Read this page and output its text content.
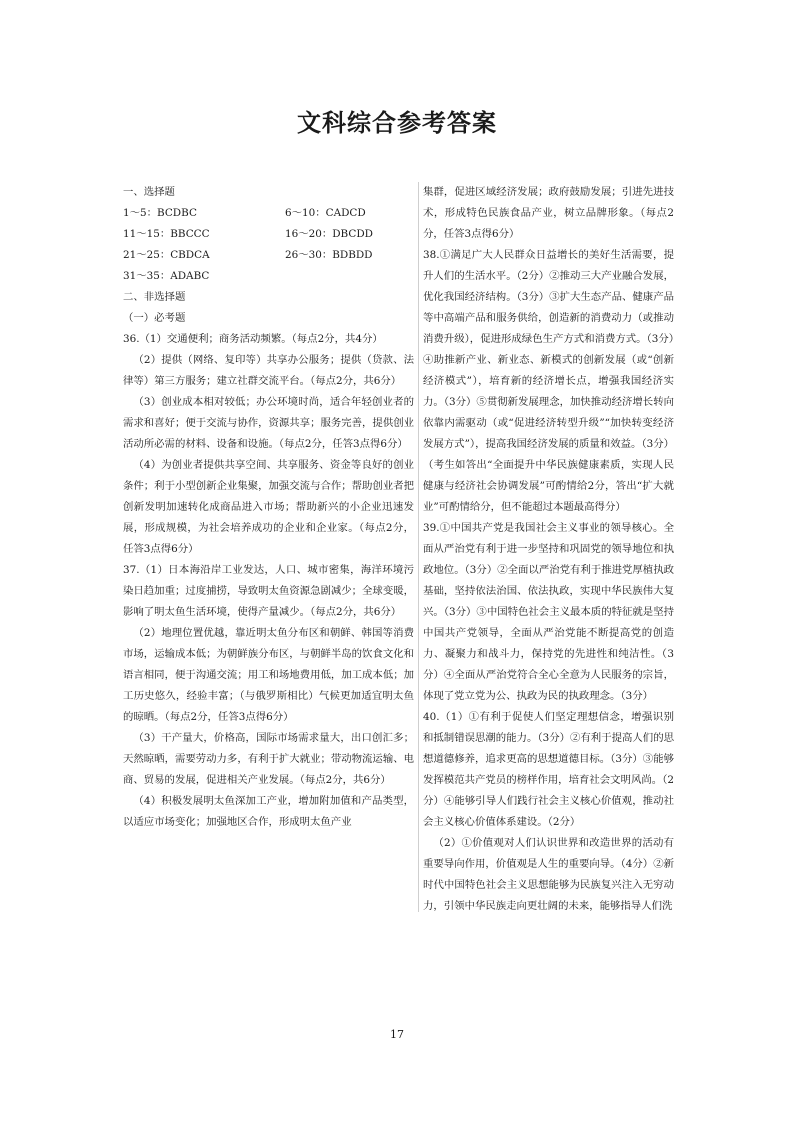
文科综合参考答案

一、选择题

1～5：BCDBC	6～10：CADCD
11～15：BBCCC	16～20：DBCDD
21～25：CBDCA	26～30：BDBDD
31～35：ADABC

二、非选择题

（一）必考题

36.（1）交通便利；商务活动频繁。（每点2分，共4分）

（2）提供（网络、复印等）共享办公服务；提供（贷款、法律等）第三方服务；建立社群交流平台。（每点2分，共6分）

（3）创业成本相对较低；办公环境时尚，适合年轻创业者的需求和喜好；便于交流与协作，资源共享；服务完善，提供创业活动所必需的材料、设备和设施。（每点2分，任答3点得6分）

（4）为创业者提供共享空间、共享服务、资金等良好的创业条件；利于小型创新企业集聚，加强交流与合作；帮助创业者把创新发明加速转化成商品进入市场；帮助新兴的小企业迅速发展，形成规模，为社会培养成功的企业和企业家。（每点2分，任答3点得6分）

37.（1）日本海沿岸工业发达，人口、城市密集，海洋环境污染日趋加重；过度捕捞，导致明太鱼资源急剧减少；全球变暖，影响了明太鱼生活环境，使得产量减少。（每点2分，共6分）

（2）地理位置优越，靠近明太鱼分布区和朝鲜、韩国等消费市场，运输成本低；为朝鲜族分布区，与朝鲜半岛的饮食文化和语言相同，便于沟通交流；用工和场地费用低，加工成本低；加工历史悠久，经验丰富；（与俄罗斯相比）气候更加适宜明太鱼的晾晒。（每点2分，任答3点得6分）

（3）干产量大，价格高，国际市场需求量大，出口创汇多；天然晾晒，需要劳动力多，有利于扩大就业；带动物流运输、电商、贸易的发展，促进相关产业发展。（每点2分，共6分）

（4）积极发展明太鱼深加工产业，增加附加值和产品类型，以适应市场变化；加强地区合作，形成明太鱼产业

集群，促进区域经济发展；政府鼓励发展；引进先进技术，形成特色民族食品产业，树立品牌形象。（每点2分，任答3点得6分）

38.①满足广大人民群众日益增长的美好生活需要，提升人们的生活水平。（2分）②推动三大产业融合发展，优化我国经济结构。（3分）③扩大生态产品、健康产品等中高端产品和服务供给，创造新的消费动力（或推动消费升级），促进形成绿色生产方式和消费方式。（3分）④助推新产业、新业态、新模式的创新发展（或“创新经济模式”），培育新的经济增长点，增强我国经济实力。（3分）⑤贯彻新发展理念，加快推动经济增长转向依靠内需驱动（或“促进经济转型升级”“加快转变经济发展方式”），提高我国经济发展的质量和效益。（3分）（考生如答出“全面提升中华民族健康素质，实现人民健康与经济社会协调发展”可酌情给2分，答出“扩大就业”可酌情给分，但不能超过本题最高得分）

39.①中国共产党是我国社会主义事业的领导核心。全面从严治党有利于进一步坚持和巩固党的领导地位和执政地位。（3分）②全面以严治党有利于推进党厚植执政基础，坚持依法治国、依法执政，实现中华民族伟大复兴。（3分）③中国特色社会主义最本质的特征就是坚持中国共产党领导，全面从严治党能不断提高党的创造力、凝聚力和战斗力，保持党的先进性和纯洁性。（3分）④全面从严治党符合全心全意为人民服务的宗旨，体现了党立党为公、执政为民的执政理念。（3分）

40.（1）①有利于促使人们坚定理想信念，增强识别和抵制错误思潮的能力。（3分）②有利于提高人们的思想道德修养，追求更高的思想道德目标。（3分）③能够发挥模范共产党员的榜样作用，培育社会文明风尚。（2分）④能够引导人们践行社会主义核心价值观，推动社会主义核心价值体系建设。（2分）

（2）①价值观对人们认识世界和改造世界的活动有重要导向作用，价值观是人生的重要向导。（4分）②新时代中国特色社会主义思想能够为民族复兴注入无穷动力，引领中华民族走向更壮阔的未来，能够指导人们洗

17
